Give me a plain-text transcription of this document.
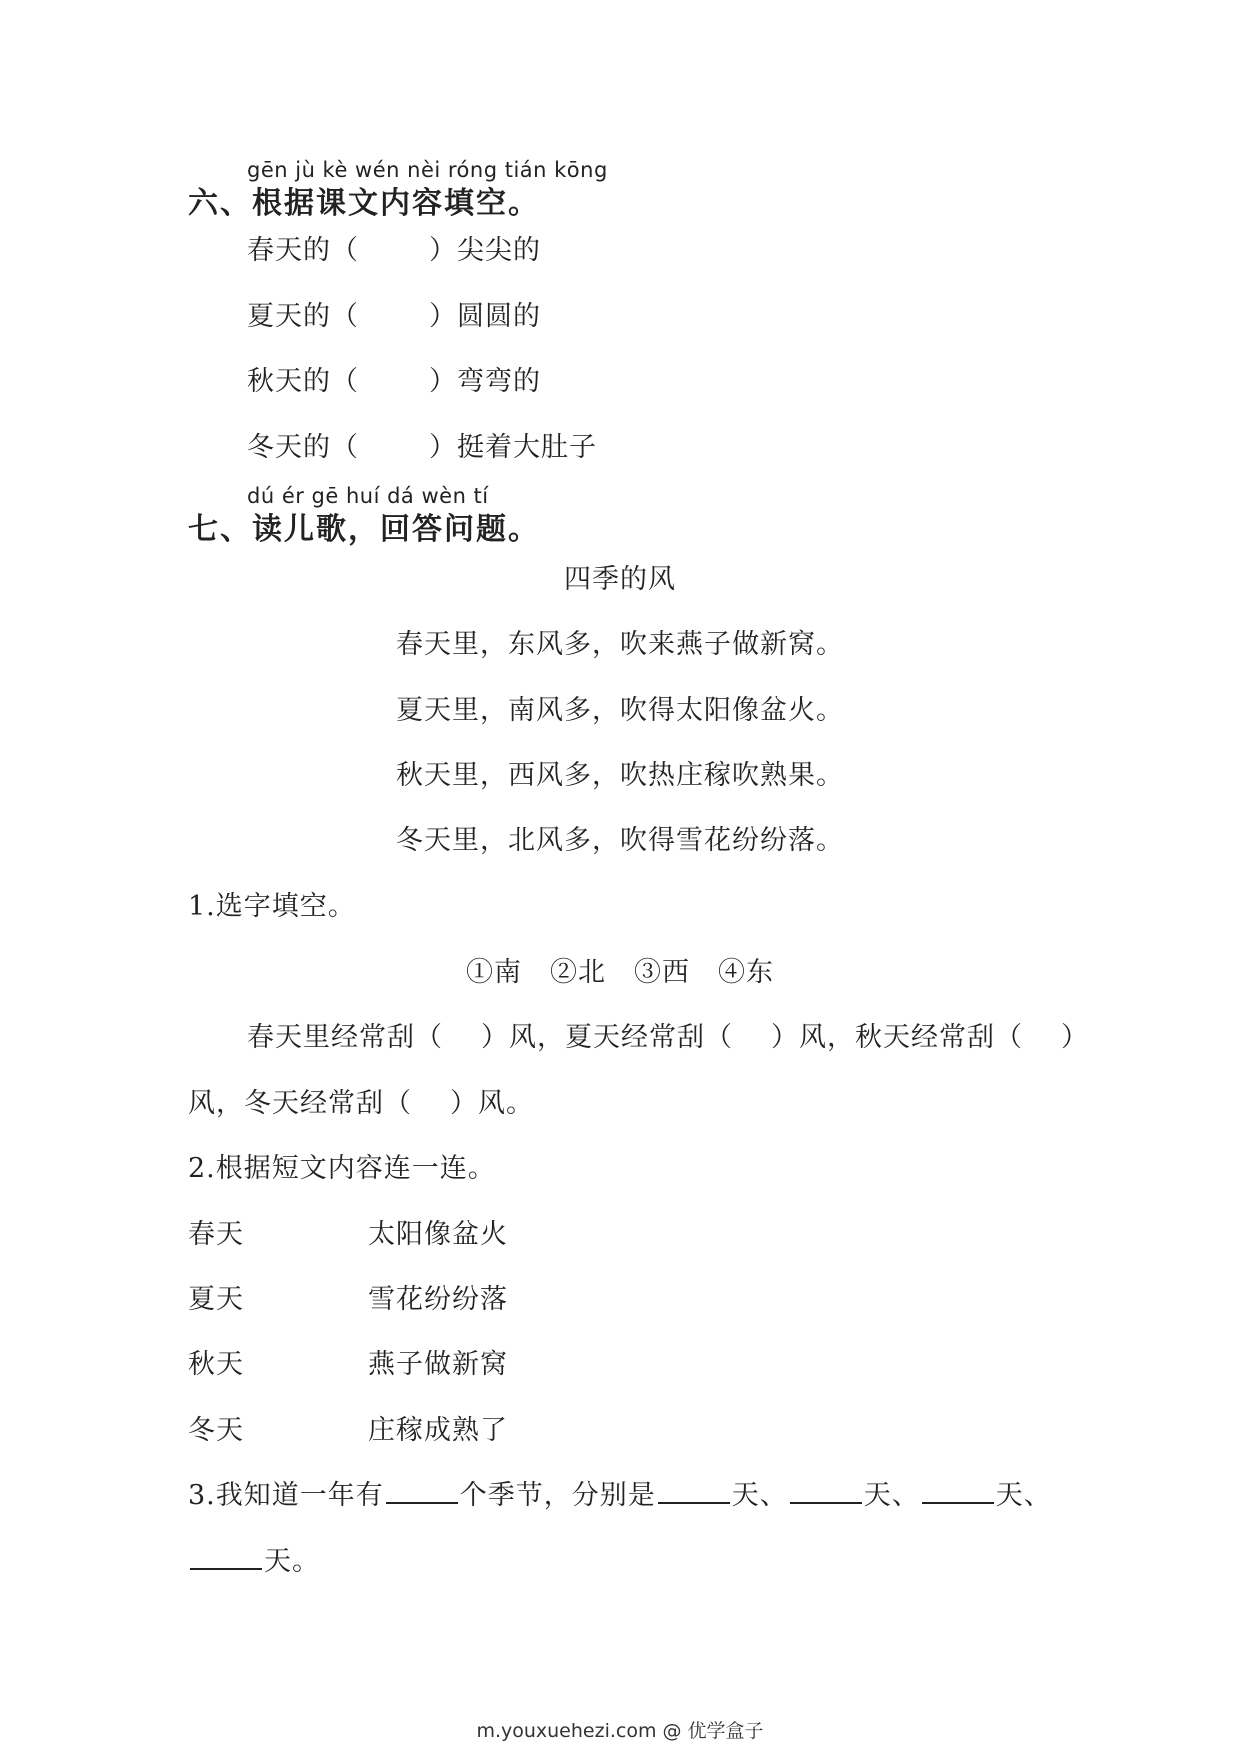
gēn jù kè wén nèi róng tián kōng
六、根据课文内容填空。
春天的（	）尖尖的
夏天的（	）圆圆的
秋天的（	）弯弯的
冬天的（	）挺着大肚子
dú ér gē huí dá wèn tí
七、读儿歌，回答问题。
四季的风
春天里，东风多，吹来燕子做新窝。
夏天里，南风多，吹得太阳像盆火。
秋天里，西风多，吹热庄稼吹熟果。
冬天里，北风多，吹得雪花纷纷落。
1.选字填空。
①南　②北　③西　④东
春天里经常刮（ ）风，夏天经常刮（ ）风，秋天经常刮（ ）
风，冬天经常刮（ ）风。
2.根据短文内容连一连。
春天	太阳像盆火
夏天	雪花纷纷落
秋天	燕子做新窝
冬天	庄稼成熟了
3.我知道一年有	个季节，分别是	天、	天、	天、
天。
m.youxuehezi.com @ 优学盒子
